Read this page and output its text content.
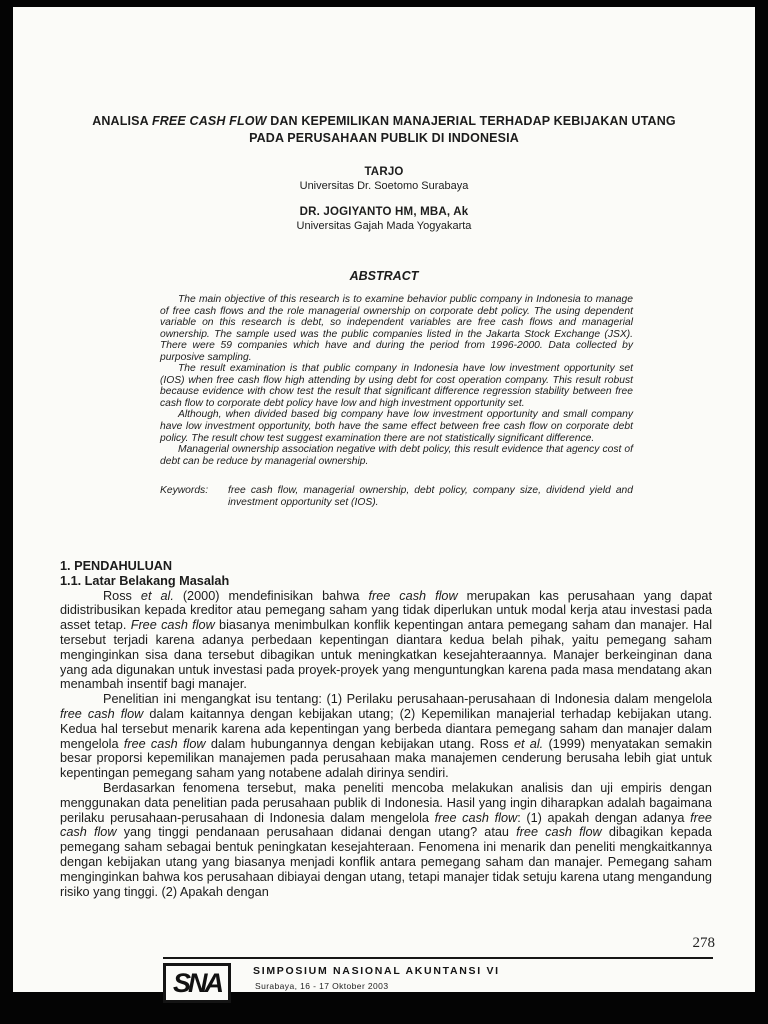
ANALISA FREE CASH FLOW DAN KEPEMILIKAN MANAJERIAL TERHADAP KEBIJAKAN UTANG
PADA PERUSAHAAN PUBLIK DI INDONESIA
TARJO
Universitas Dr. Soetomo Surabaya
DR. JOGIYANTO HM, MBA, Ak
Universitas Gajah Mada Yogyakarta
ABSTRACT

The main objective of this research is to examine behavior public company in Indonesia to manage of free cash flows and the role managerial ownership on corporate debt policy. The using dependent variable on this research is debt, so independent variables are free cash flows and managerial ownership. The sample used was the public companies listed in the Jakarta Stock Exchange (JSX). There were 59 companies which have and during the period from 1996-2000. Data collected by purposive sampling.

The result examination is that public company in Indonesia have low investment opportunity set (IOS) when free cash flow high attending by using debt for cost operation company. This result robust because evidence with chow test the result that significant difference regression stability between free cash flow to corporate debt policy have low and high investment opportunity set.

Although, when divided based big company have low investment opportunity and small company have low investment opportunity, both have the same effect between free cash flow on corporate debt policy. The result chow test suggest examination there are not statistically significant difference.

Managerial ownership association negative with debt policy, this result evidence that agency cost of debt can be reduce by managerial ownership.

Keywords: free cash flow, managerial ownership, debt policy, company size, dividend yield and investment opportunity set (IOS).
1. PENDAHULUAN
1.1. Latar Belakang Masalah

Ross et al. (2000) mendefinisikan bahwa free cash flow merupakan kas perusahaan yang dapat didistribusikan kepada kreditor atau pemegang saham yang tidak diperlukan untuk modal kerja atau investasi pada asset tetap. Free cash flow biasanya menimbulkan konflik kepentingan antara pemegang saham dan manajer. Hal tersebut terjadi karena adanya perbedaan kepentingan diantara kedua belah pihak, yaitu pemegang saham menginginkan sisa dana tersebut dibagikan untuk meningkatkan kesejahteraannya. Manajer berkeinginan dana yang ada digunakan untuk investasi pada proyek-proyek yang menguntungkan karena pada masa mendatang akan menambah insentif bagi manajer.

Penelitian ini mengangkat isu tentang: (1) Perilaku perusahaan-perusahaan di Indonesia dalam mengelola free cash flow dalam kaitannya dengan kebijakan utang; (2) Kepemilikan manajerial terhadap kebijakan utang. Kedua hal tersebut menarik karena ada kepentingan yang berbeda diantara pemegang saham dan manajer dalam mengelola free cash flow dalam hubungannya dengan kebijakan utang. Ross et al. (1999) menyatakan semakin besar proporsi kepemilikan manajemen pada perusahaan maka manajemen cenderung berusaha lebih giat untuk kepentingan pemegang saham yang notabene adalah dirinya sendiri.

Berdasarkan fenomena tersebut, maka peneliti mencoba melakukan analisis dan uji empiris dengan menggunakan data penelitian pada perusahaan publik di Indonesia. Hasil yang ingin diharapkan adalah bagaimana perilaku perusahaan-perusahaan di Indonesia dalam mengelola free cash flow: (1) apakah dengan adanya free cash flow yang tinggi pendanaan perusahaan didanai dengan utang? atau free cash flow dibagikan kepada pemegang saham sebagai bentuk peningkatan kesejahteraan. Fenomena ini menarik dan peneliti mengkaitkannya dengan kebijakan utang yang biasanya menjadi konflik antara pemegang saham dan manajer. Pemegang saham menginginkan bahwa kos perusahaan dibiayai dengan utang, tetapi manajer tidak setuju karena utang mengandung risiko yang tinggi. (2) Apakah dengan

278
SNA	SIMPOSIUM NASIONAL AKUNTANSI VI
Surabaya, 16 - 17 Oktober 2003
